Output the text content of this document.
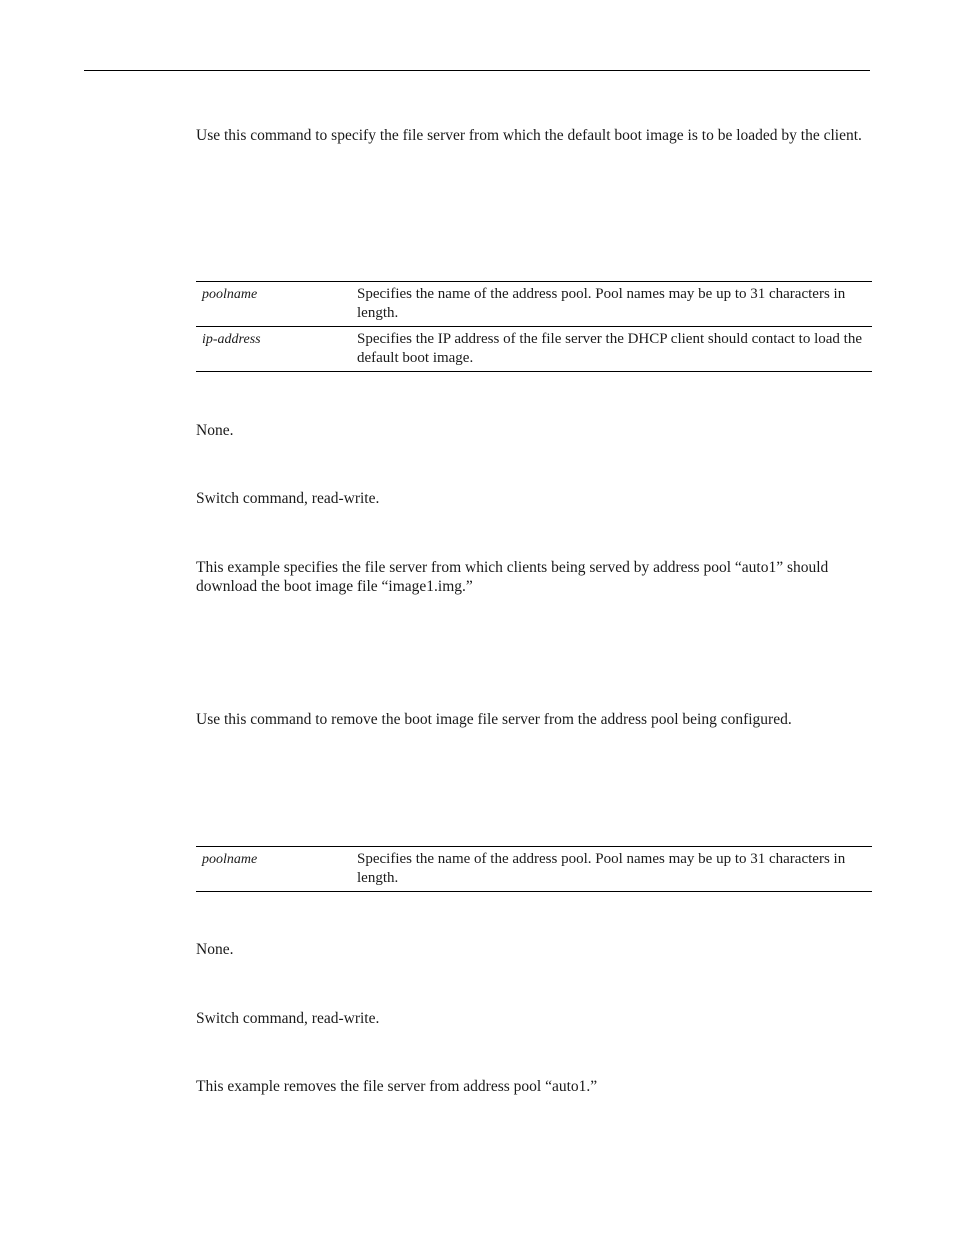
Use this command to specify the file server from which the default boot image is to be loaded by the client.

poolname	Specifies the name of the address pool. Pool names may be up to 31 characters in length.
ip-address	Specifies the IP address of the file server the DHCP client should contact to load the default boot image.

None.

Switch command, read-write.

This example specifies the file server from which clients being served by address pool “auto1” should download the boot image file “image1.img.”

Use this command to remove the boot image file server from the address pool being configured.

poolname	Specifies the name of the address pool. Pool names may be up to 31 characters in length.

None.

Switch command, read-write.

This example removes the file server from address pool “auto1.”
